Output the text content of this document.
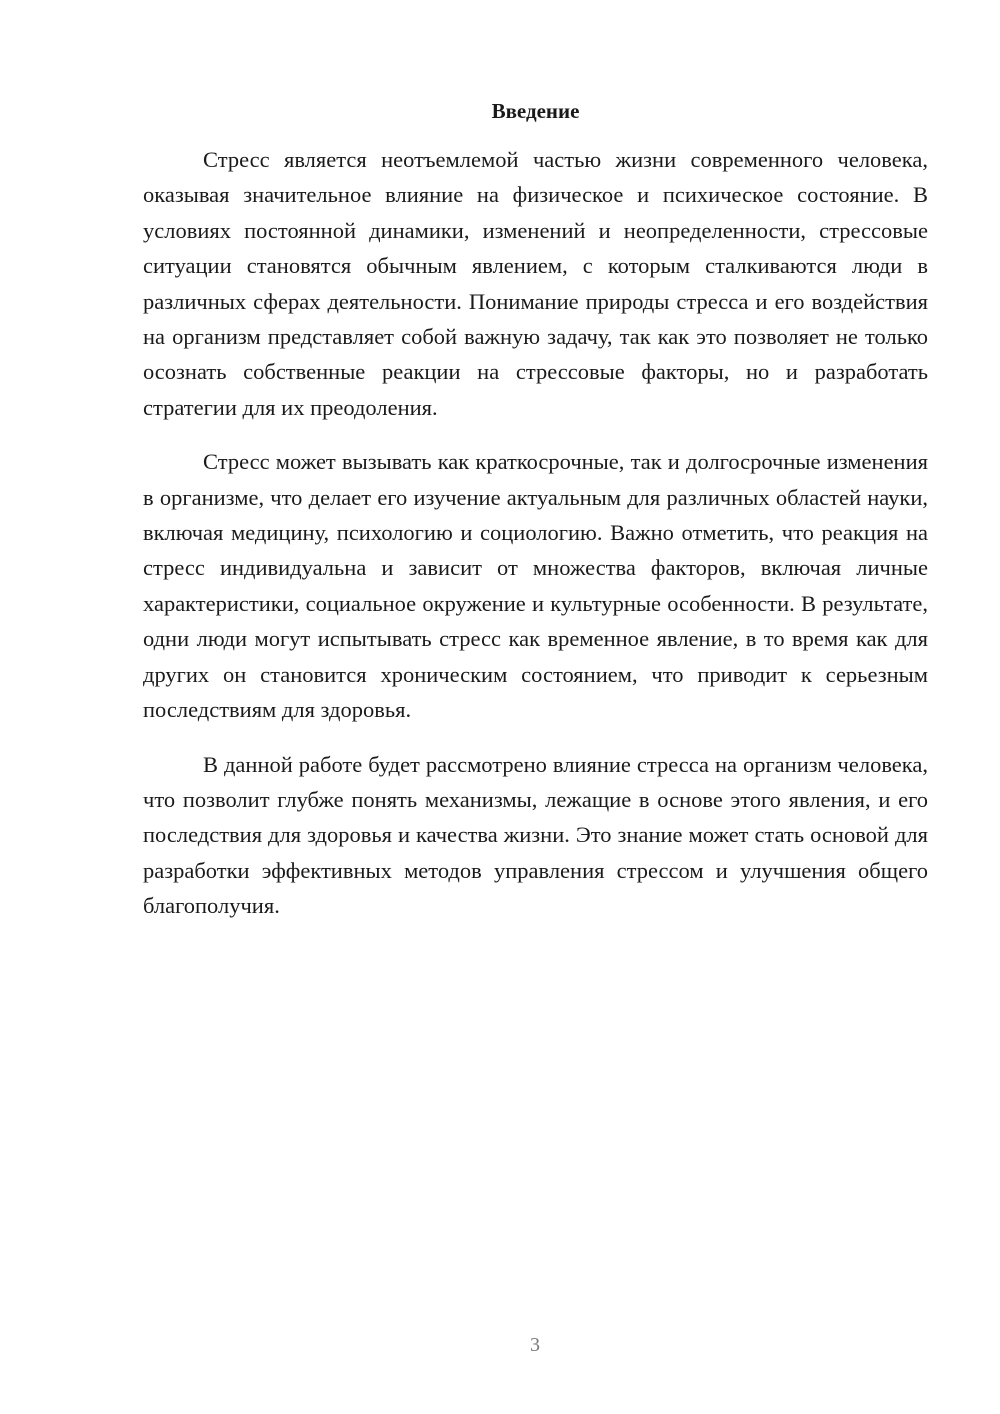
Введение

Стресс является неотъемлемой частью жизни современного человека, оказывая значительное влияние на физическое и психическое состояние. В условиях постоянной динамики, изменений и неопределенности, стрессовые ситуации становятся обычным явлением, с которым сталкиваются люди в различных сферах деятельности. Понимание природы стресса и его воздействия на организм представляет собой важную задачу, так как это позволяет не только осознать собственные реакции на стрессовые факторы, но и разработать стратегии для их преодоления.

Стресс может вызывать как краткосрочные, так и долгосрочные изменения в организме, что делает его изучение актуальным для различных областей науки, включая медицину, психологию и социологию. Важно отметить, что реакция на стресс индивидуальна и зависит от множества факторов, включая личные характеристики, социальное окружение и культурные особенности. В результате, одни люди могут испытывать стресс как временное явление, в то время как для других он становится хроническим состоянием, что приводит к серьезным последствиям для здоровья.

В данной работе будет рассмотрено влияние стресса на организм человека, что позволит глубже понять механизмы, лежащие в основе этого явления, и его последствия для здоровья и качества жизни. Это знание может стать основой для разработки эффективных методов управления стрессом и улучшения общего благополучия.

3
